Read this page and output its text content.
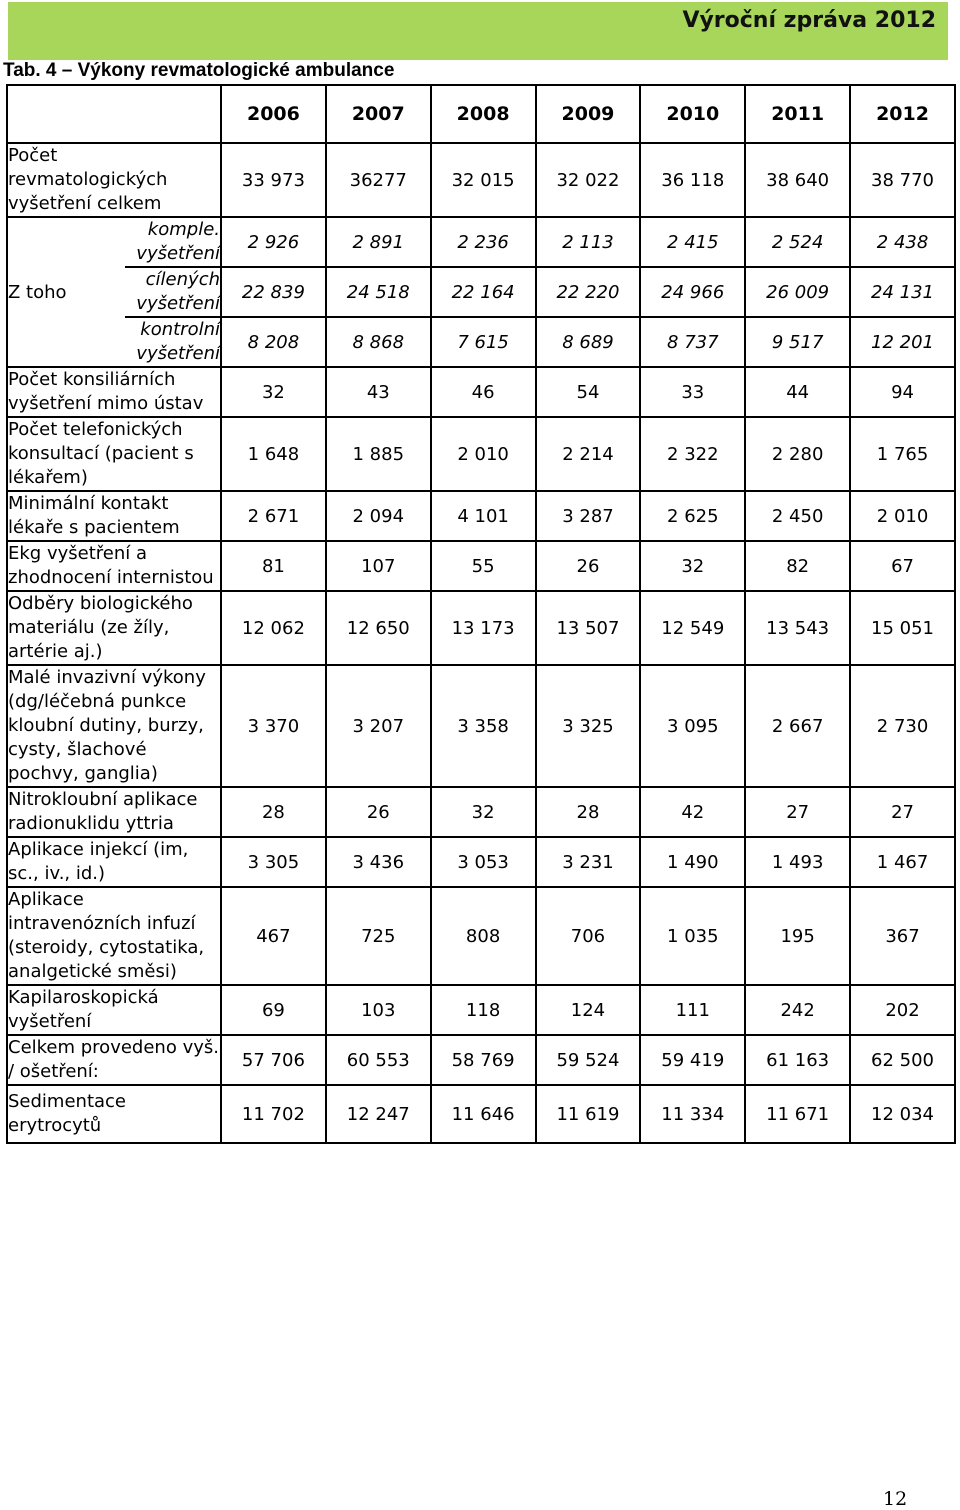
Výroční zpráva 2012
Tab. 4 – Výkony revmatologické ambulance
		2006	2007	2008	2009	2010	2011	2012
Počet revmatologických vyšetření celkem		33 973	36277	32 015	32 022	36 118	38 640	38 770
Z toho	komple. vyšetření	2 926	2 891	2 236	2 113	2 415	2 524	2 438
	cílených vyšetření	22 839	24 518	22 164	22 220	24 966	26 009	24 131
	kontrolní vyšetření	8 208	8 868	7 615	8 689	8 737	9 517	12 201
Počet konsiliárních vyšetření mimo ústav		32	43	46	54	33	44	94
Počet telefonických konsultací (pacient s lékařem)		1 648	1 885	2 010	2 214	2 322	2 280	1 765
Minimální kontakt lékaře s pacientem		2 671	2 094	4 101	3 287	2 625	2 450	2 010
Ekg vyšetření a zhodnocení internistou		81	107	55	26	32	82	67
Odběry biologického materiálu (ze žíly, artérie aj.)		12 062	12 650	13 173	13 507	12 549	13 543	15 051
Malé invazivní výkony (dg/léčebná punkce kloubní dutiny, burzy, cysty, šlachové pochvy, ganglia)		3 370	3 207	3 358	3 325	3 095	2 667	2 730
Nitrokloubní aplikace radionuklidu yttria		28	26	32	28	42	27	27
Aplikace injekcí (im, sc., iv., id.)		3 305	3 436	3 053	3 231	1 490	1 493	1 467
Aplikace intravenózních infuzí (steroidy, cytostatika, analgetické směsi)		467	725	808	706	1 035	195	367
Kapilaroskopická vyšetření		69	103	118	124	111	242	202
Celkem provedeno vyš. / ošetření:		57 706	60 553	58 769	59 524	59 419	61 163	62 500
Sedimentace erytrocytů		11 702	12 247	11 646	11 619	11 334	11 671	12 034
12
